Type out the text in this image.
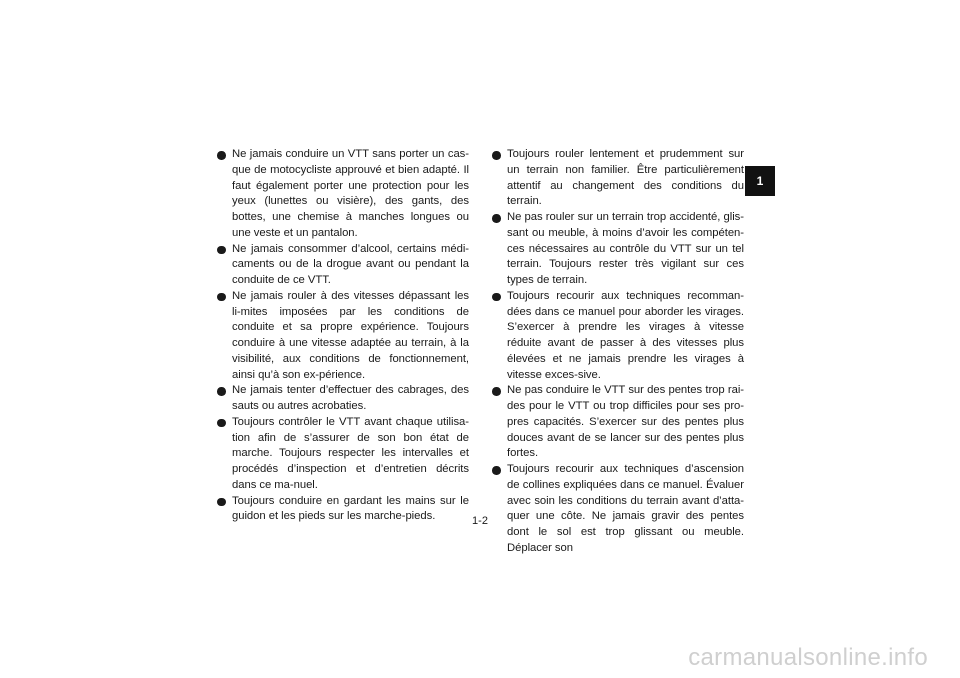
Ne jamais conduire un VTT sans porter un cas-que de motocycliste approuvé et bien adapté. Il faut également porter une protection pour les yeux (lunettes ou visière), des gants, des bottes, une chemise à manches longues ou une veste et un pantalon.
Ne jamais consommer d’alcool, certains médi-caments ou de la drogue avant ou pendant la conduite de ce VTT.
Ne jamais rouler à des vitesses dépassant les li-mites imposées par les conditions de conduite et sa propre expérience. Toujours conduire à une vitesse adaptée au terrain, à la visibilité, aux conditions de fonctionnement, ainsi qu’à son ex-périence.
Ne jamais tenter d’effectuer des cabrages, des sauts ou autres acrobaties.
Toujours contrôler le VTT avant chaque utilisa-tion afin de s’assurer de son bon état de marche. Toujours respecter les intervalles et procédés d’inspection et d’entretien décrits dans ce ma-nuel.
Toujours conduire en gardant les mains sur le guidon et les pieds sur les marche-pieds.
Toujours rouler lentement et prudemment sur un terrain non familier. Être particulièrement attentif au changement des conditions du terrain.
Ne pas rouler sur un terrain trop accidenté, glis-sant ou meuble, à moins d’avoir les compéten-ces nécessaires au contrôle du VTT sur un tel terrain. Toujours rester très vigilant sur ces types de terrain.
Toujours recourir aux techniques recomman-dées dans ce manuel pour aborder les virages. S’exercer à prendre les virages à vitesse réduite avant de passer à des vitesses plus élevées et ne jamais prendre les virages à vitesse exces-sive.
Ne pas conduire le VTT sur des pentes trop rai-des pour le VTT ou trop difficiles pour ses pro-pres capacités. S’exercer sur des pentes plus douces avant de se lancer sur des pentes plus fortes.
Toujours recourir aux techniques d’ascension de collines expliquées dans ce manuel. Évaluer avec soin les conditions du terrain avant d’atta-quer une côte. Ne jamais gravir des pentes dont le sol est trop glissant ou meuble. Déplacer son
1
1-2
carmanualsonline.info
